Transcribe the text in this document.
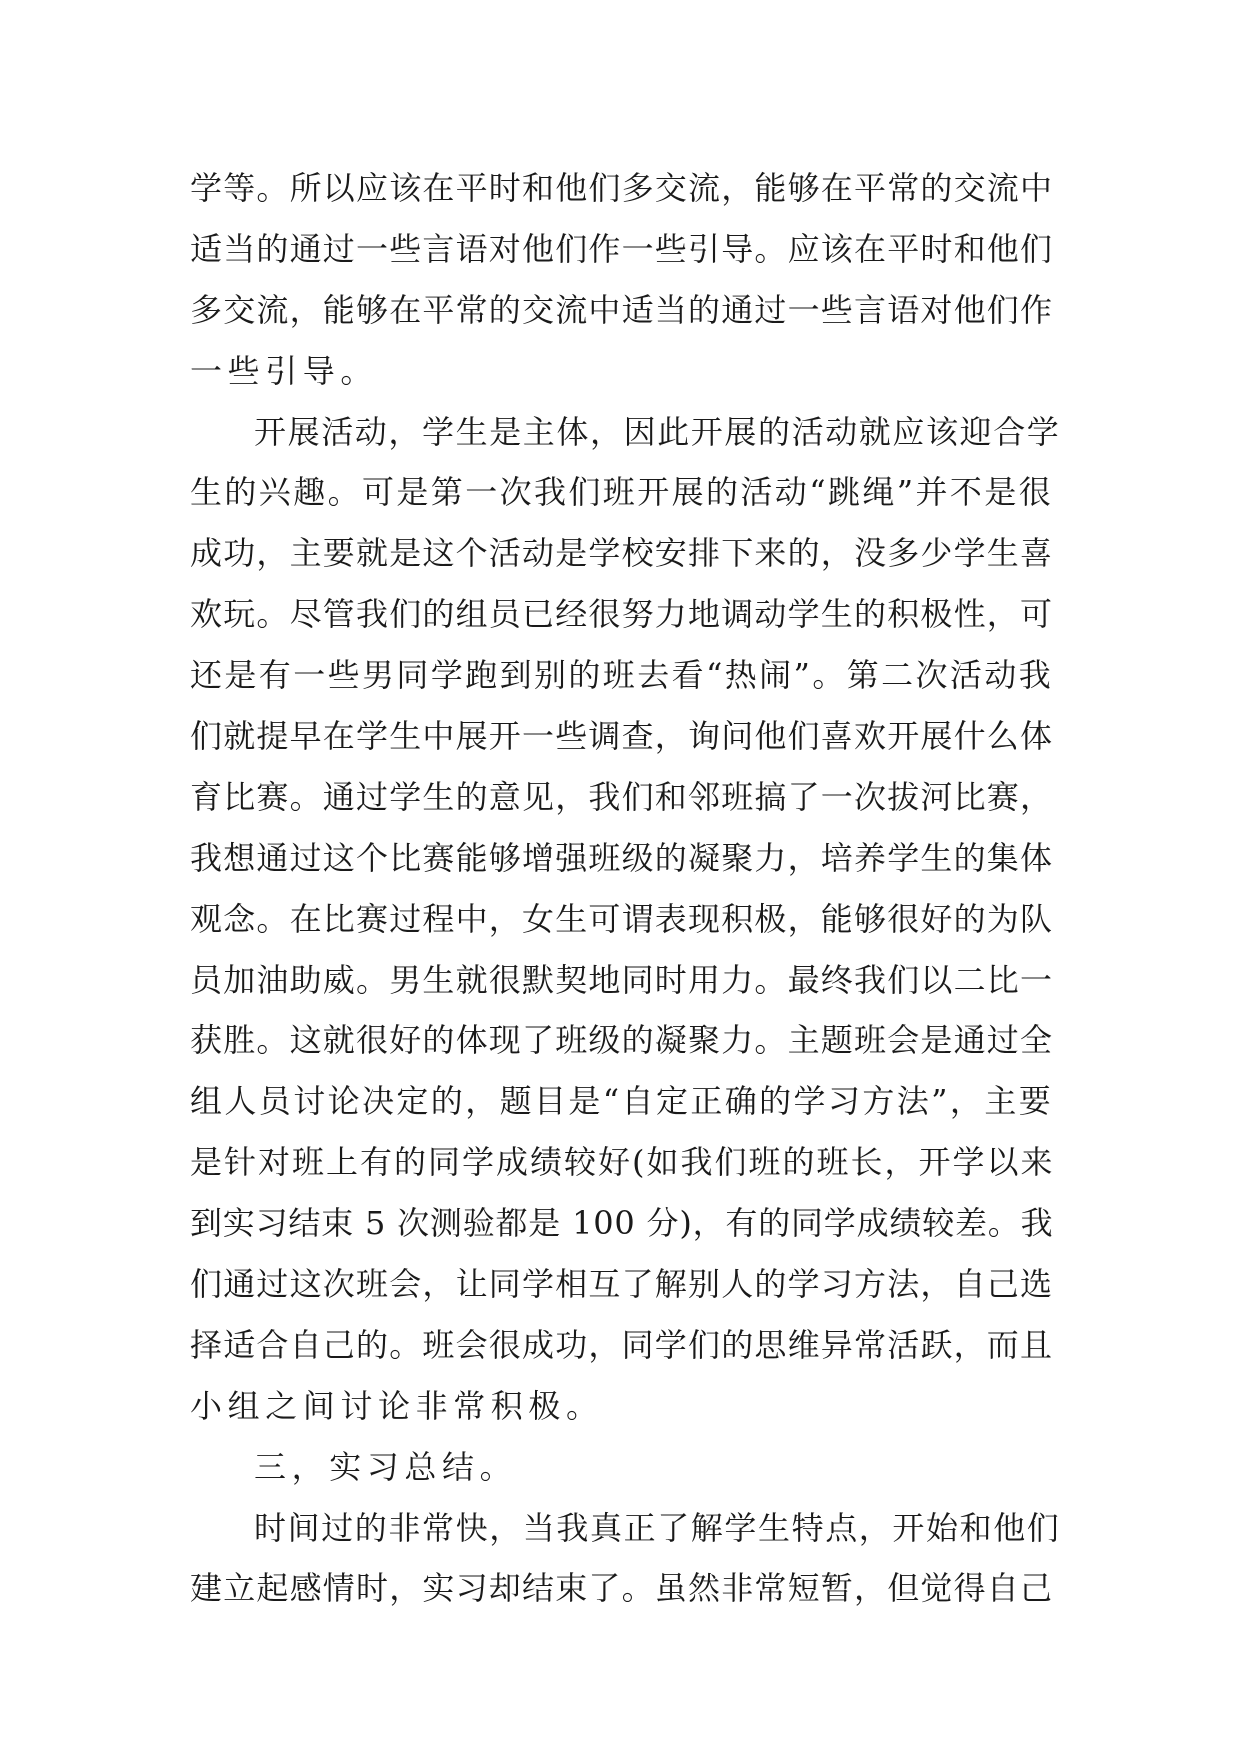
学等。所以应该在平时和他们多交流，能够在平常的交流中
适当的通过一些言语对他们作一些引导。应该在平时和他们
多交流，能够在平常的交流中适当的通过一些言语对他们作
一些引导。
开展活动，学生是主体，因此开展的活动就应该迎合学
生的兴趣。可是第一次我们班开展的活动“跳绳”并不是很
成功，主要就是这个活动是学校安排下来的，没多少学生喜
欢玩。尽管我们的组员已经很努力地调动学生的积极性，可
还是有一些男同学跑到别的班去看“热闹”。第二次活动我
们就提早在学生中展开一些调查，询问他们喜欢开展什么体
育比赛。通过学生的意见，我们和邻班搞了一次拔河比赛，
我想通过这个比赛能够增强班级的凝聚力，培养学生的集体
观念。在比赛过程中，女生可谓表现积极，能够很好的为队
员加油助威。男生就很默契地同时用力。最终我们以二比一
获胜。这就很好的体现了班级的凝聚力。主题班会是通过全
组人员讨论决定的，题目是“自定正确的学习方法”，主要
是针对班上有的同学成绩较好(如我们班的班长，开学以来
到实习结束 5 次测验都是 100 分)，有的同学成绩较差。我
们通过这次班会，让同学相互了解别人的学习方法，自己选
择适合自己的。班会很成功，同学们的思维异常活跃，而且
小组之间讨论非常积极。
三，实习总结。
时间过的非常快，当我真正了解学生特点，开始和他们
建立起感情时，实习却结束了。虽然非常短暂，但觉得自己
